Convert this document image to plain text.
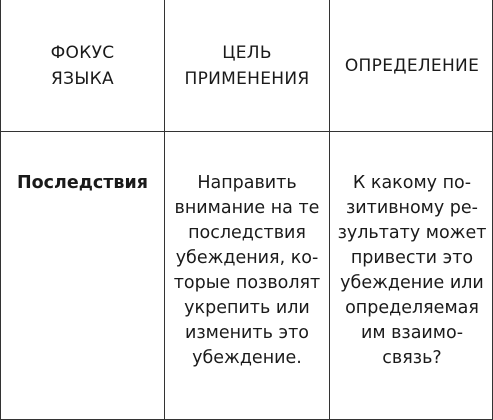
ФОКУС
ЯЗЫКА
ЦЕЛЬ
ПРИМЕНЕНИЯ
ОПРЕДЕЛЕНИЕ
Последствия	Направить
внимание на те
последствия
убеждения, ко-
торые позволят
укрепить или
изменить это
убеждение.
К какому по-
зитивному ре-
зультату может
привести это
убеждение или
определяемая
им взаимо-
связь?
